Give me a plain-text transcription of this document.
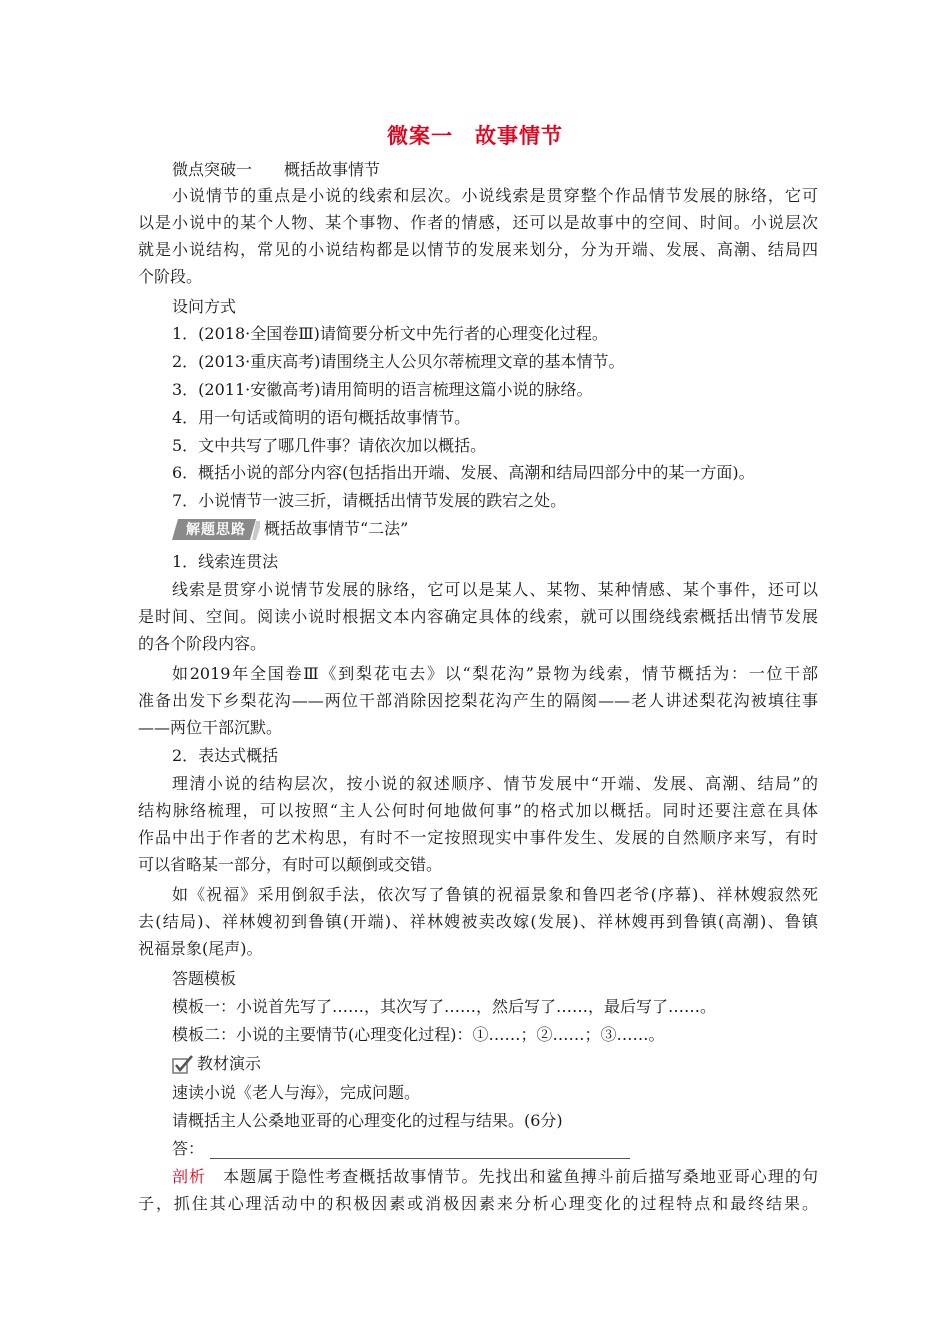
微案一　故事情节
微点突破一　　概括故事情节
小说情节的重点是小说的线索和层次。小说线索是贯穿整个作品情节发展的脉络，它可
以是小说中的某个人物、某个事物、作者的情感，还可以是故事中的空间、时间。小说层次
就是小说结构，常见的小说结构都是以情节的发展来划分，分为开端、发展、高潮、结局四
个阶段。
设问方式
1．(2018·全国卷Ⅲ)请简要分析文中先行者的心理变化过程。
2．(2013·重庆高考)请围绕主人公贝尔蒂梳理文章的基本情节。
3．(2011·安徽高考)请用简明的语言梳理这篇小说的脉络。
4．用一句话或简明的语句概括故事情节。
5．文中共写了哪几件事？请依次加以概括。
6．概括小说的部分内容(包括指出开端、发展、高潮和结局四部分中的某一方面)。
7．小说情节一波三折，请概括出情节发展的跌宕之处。
解题思路 概括故事情节“二法”
1．线索连贯法
线索是贯穿小说情节发展的脉络，它可以是某人、某物、某种情感、某个事件，还可以
是时间、空间。阅读小说时根据文本内容确定具体的线索，就可以围绕线索概括出情节发展
的各个阶段内容。
如2019年全国卷Ⅲ《到梨花屯去》以“梨花沟”景物为线索，情节概括为：一位干部
准备出发下乡梨花沟——两位干部消除因挖梨花沟产生的隔阂——老人讲述梨花沟被填往事
——两位干部沉默。
2．表达式概括
理清小说的结构层次，按小说的叙述顺序、情节发展中“开端、发展、高潮、结局”的
结构脉络梳理，可以按照“主人公何时何地做何事”的格式加以概括。同时还要注意在具体
作品中出于作者的艺术构思，有时不一定按照现实中事件发生、发展的自然顺序来写，有时
可以省略某一部分，有时可以颠倒或交错。
如《祝福》采用倒叙手法，依次写了鲁镇的祝福景象和鲁四老爷(序幕)、祥林嫂寂然死
去(结局)、祥林嫂初到鲁镇(开端)、祥林嫂被卖改嫁(发展)、祥林嫂再到鲁镇(高潮)、鲁镇
祝福景象(尾声)。
答题模板
模板一：小说首先写了……，其次写了……，然后写了……，最后写了……。
模板二：小说的主要情节(心理变化过程)：①……；②……；③……。
教材演示
速读小说《老人与海》，完成问题。
请概括主人公桑地亚哥的心理变化的过程与结果。(6分)
答：
剖析　本题属于隐性考查概括故事情节。先找出和鲨鱼搏斗前后描写桑地亚哥心理的句
子，抓住其心理活动中的积极因素或消极因素来分析心理变化的过程特点和最终结果。
